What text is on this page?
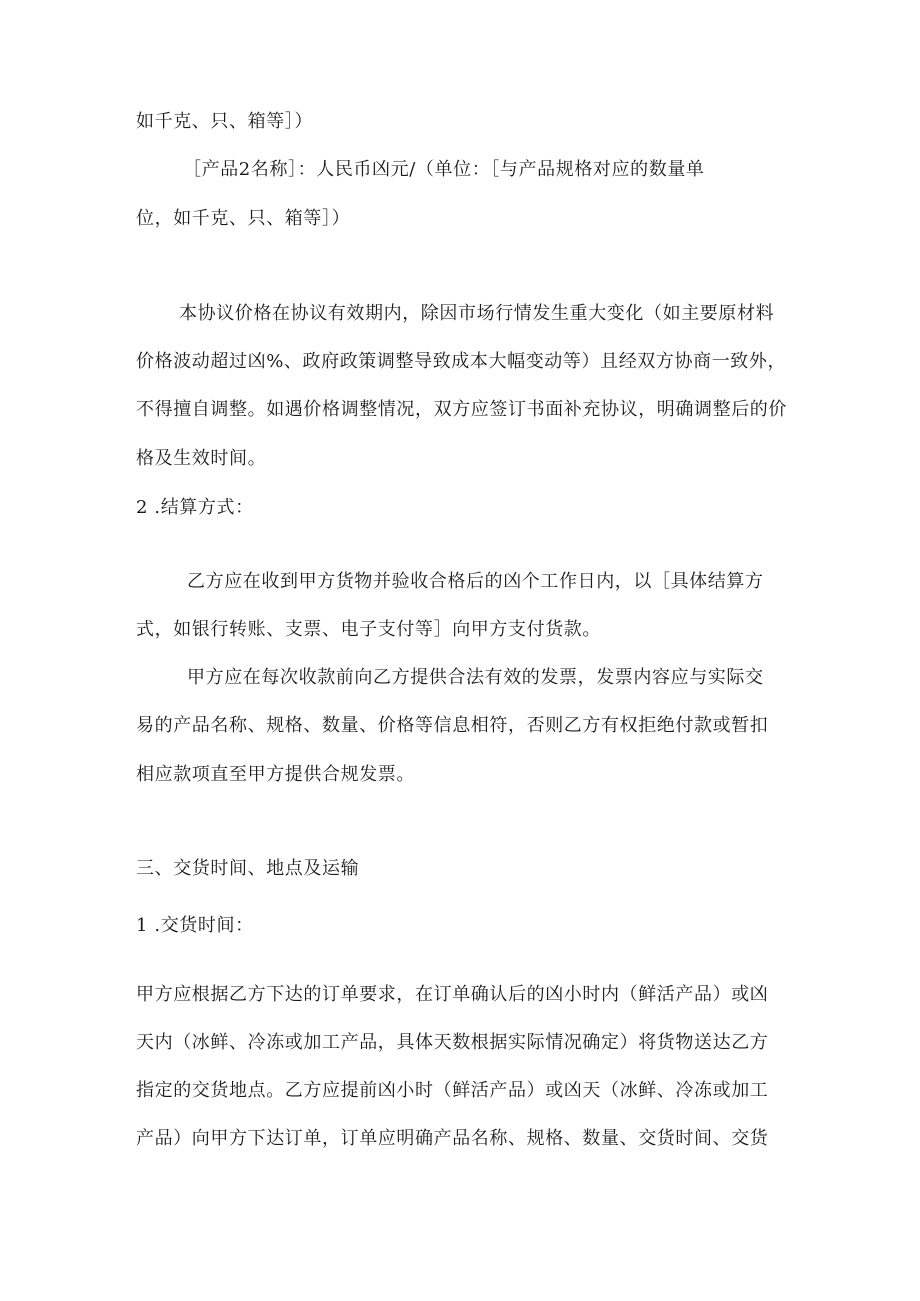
如千克、只、箱等］）
［产品2名称］：人民币凶元/（单位：［与产品规格对应的数量单
位，如千克、只、箱等］）
本协议价格在协议有效期内，除因市场行情发生重大变化（如主要原材料
价格波动超过凶%、政府政策调整导致成本大幅变动等）且经双方协商一致外，
不得擅自调整。如遇价格调整情况，双方应签订书面补充协议，明确调整后的价
格及生效时间。
2 .结算方式：
乙方应在收到甲方货物并验收合格后的凶个工作日内，以［具体结算方
式，如银行转账、支票、电子支付等］向甲方支付货款。
甲方应在每次收款前向乙方提供合法有效的发票，发票内容应与实际交
易的产品名称、规格、数量、价格等信息相符，否则乙方有权拒绝付款或暂扣
相应款项直至甲方提供合规发票。
三、交货时间、地点及运输
1 .交货时间：
甲方应根据乙方下达的订单要求，在订单确认后的凶小时内（鲜活产品）或凶
天内（冰鲜、冷冻或加工产品，具体天数根据实际情况确定）将货物送达乙方
指定的交货地点。乙方应提前凶小时（鲜活产品）或凶天（冰鲜、冷冻或加工
产品）向甲方下达订单，订单应明确产品名称、规格、数量、交货时间、交货
